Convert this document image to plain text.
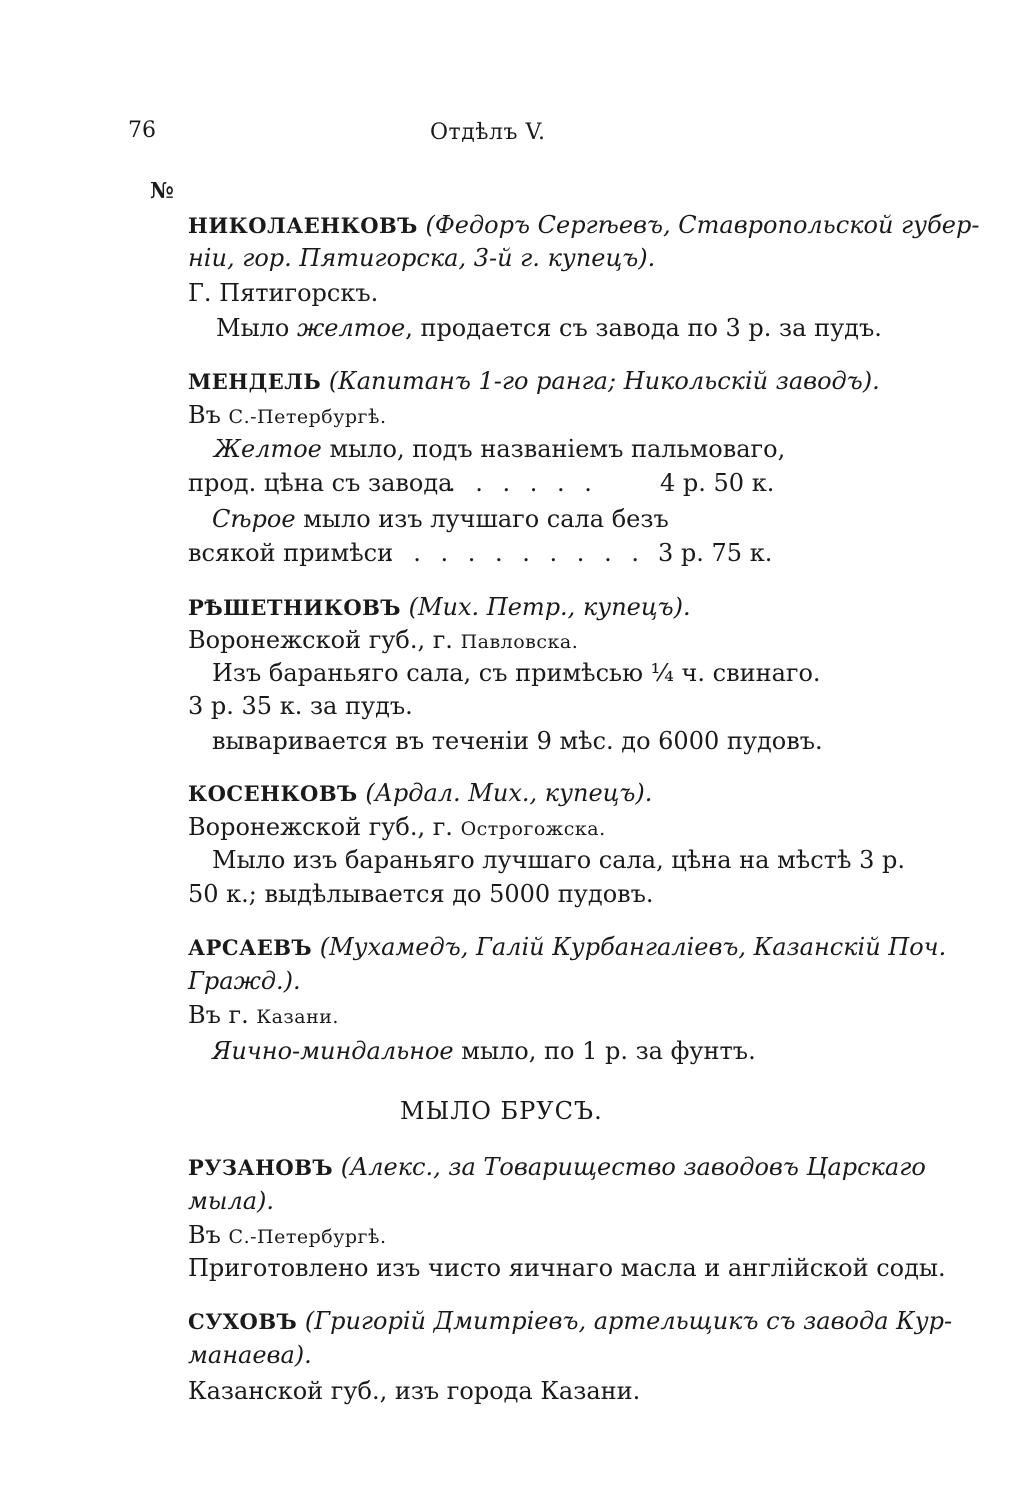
76	Отдѣлъ V.
№
НИКОЛАЕНКОВЪ (Федоръ Сергѣевъ, Ставропольской губер-
ніи, гор. Пятигорска, 3-й г. купецъ).
Г. Пятигорскъ.
Мыло желтое, продается съ завода по 3 р. за пудъ.
МЕНДЕЛЬ (Капитанъ 1-го ранга; Никольскій заводъ).
Въ С.-Петербургѣ.
Желтое мыло, подъ названіемъ пальмоваго,
прод. цѣна съ завода
. . . . . .	4 р. 50 к.
Сѣрое мыло изъ лучшаго сала безъ
всякой примѣси
. . . . . . . . . . 3 р. 75 к.
РѢШЕТНИКОВЪ (Мих. Петр., купецъ).
Воронежской губ., г. Павловска.
Изъ бараньяго сала, съ примѣсью ¼ ч. свинаго.
3 р. 35 к. за пудъ.
вываривается въ теченіи 9 мѣс. до 6000 пудовъ.
КОСЕНКОВЪ (Ардал. Мих., купецъ).
Воронежской губ., г. Острогожска.
Мыло изъ бараньяго лучшаго сала, цѣна на мѣстѣ 3 р.
50 к.; выдѣлывается до 5000 пудовъ.
АРСАЕВЪ (Мухамедъ, Галій Курбангаліевъ, Казанскій Поч.
Гражд.).
Въ г. Казани.
Яично-миндальное мыло, по 1 р. за фунтъ.
МЫЛО БРУСЪ.
РУЗАНОВЪ (Алекс., за Товарищество заводовъ Царскаго
мыла).
Въ С.-Петербургѣ.
Приготовлено изъ чисто яичнаго масла и англійской соды.
СУХОВЪ (Григорій Дмитріевъ, артельщикъ съ завода Кур-
манаева).
Казанской губ., изъ города Казани.
